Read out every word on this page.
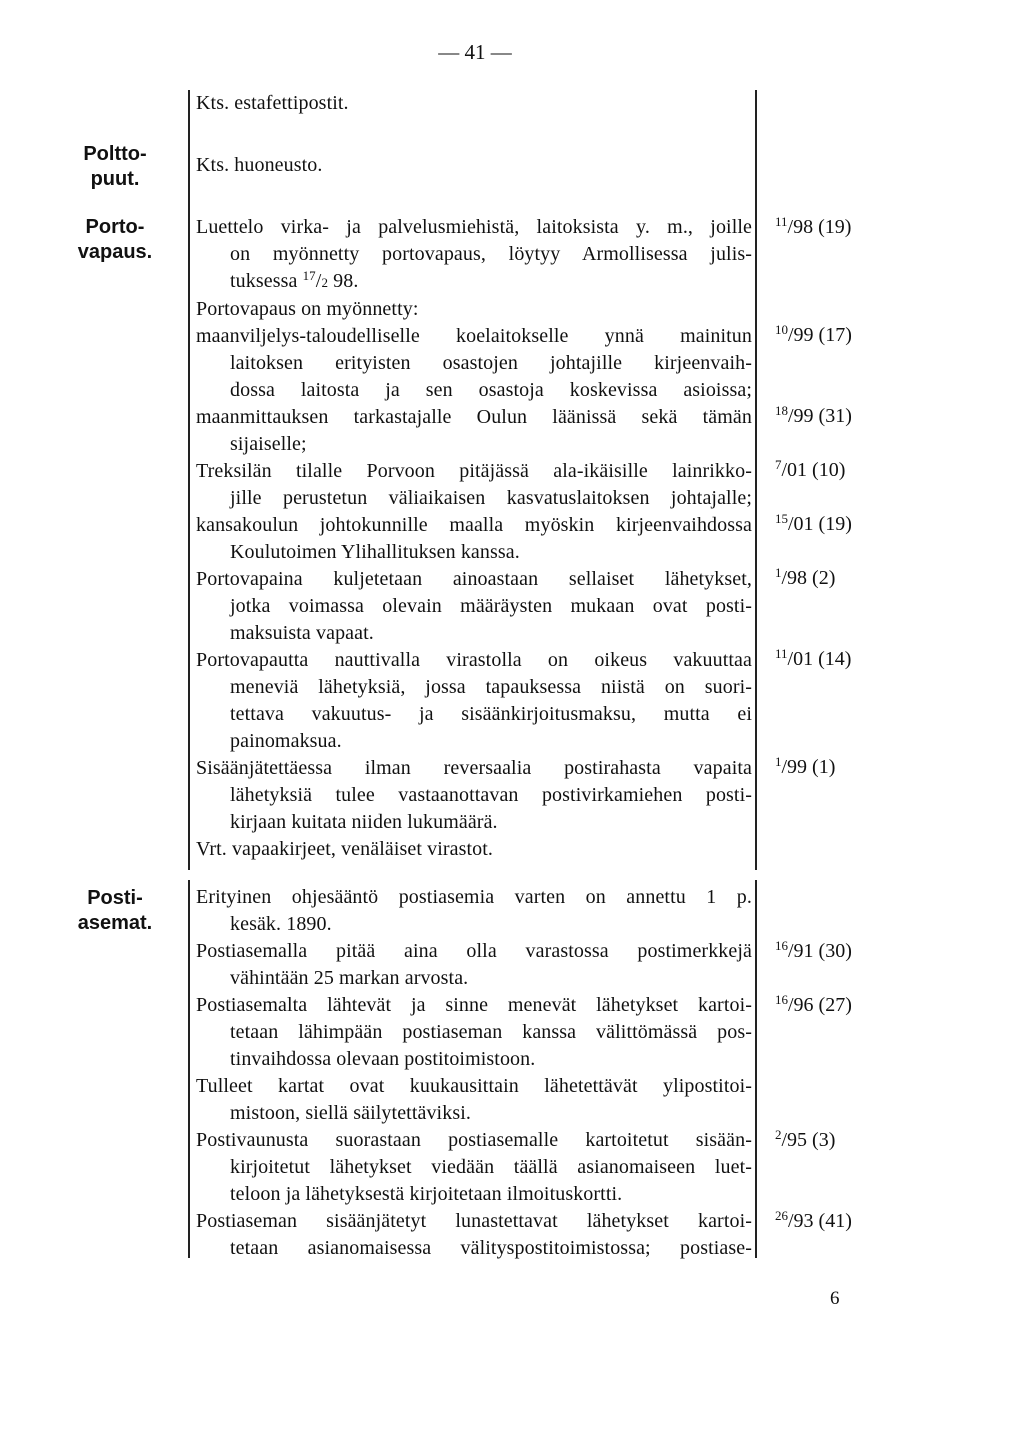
— 41 —
Poltto-
puut.
Porto-
vapaus.
Posti-
asemat.
Kts. estafettipostit.
Kts. huoneusto.
Luettelo virka- ja palvelusmiehistä, laitoksista y. m., joille
on myönnetty portovapaus, löytyy Armollisessa julis-
tuksessa $^{17}$/2 98.
Portovapaus on myönnetty:
maanviljelys-taloudelliselle koelaitokselle ynnä mainitun
laitoksen erityisten osastojen johtajille kirjeenvaih-
dossa laitosta ja sen osastoja koskevissa asioissa;
maanmittauksen tarkastajalle Oulun läänissä sekä tämän
sijaiselle;
Treksilän tilalle Porvoon pitäjässä ala-ikäisille lainrikko-
jille perustetun väliaikaisen kasvatuslaitoksen johtajalle;
kansakoulun johtokunnille maalla myöskin kirjeenvaihdossa
Koulutoimen Ylihallituksen kanssa.
Portovapaina kuljetetaan ainoastaan sellaiset lähetykset,
jotka voimassa olevain määräysten mukaan ovat posti-
maksuista vapaat.
Portovapautta nauttivalla virastolla on oikeus vakuuttaa
meneviä lähetyksiä, jossa tapauksessa niistä on suori-
tettava vakuutus- ja sisäänkirjoitusmaksu, mutta ei
painomaksua.
Sisäänjätettäessa ilman reversaalia postirahasta vapaita
lähetyksiä tulee vastaanottavan postivirkamiehen posti-
kirjaan kuitata niiden lukumäärä.
Vrt. vapaakirjeet, venäläiset virastot.
Erityinen ohjesääntö postiasemia varten on annettu 1 p.
kesäk. 1890.
Postiasemalla pitää aina olla varastossa postimerkkejä
vähintään 25 markan arvosta.
Postiasemalta lähtevät ja sinne menevät lähetykset kartoi-
tetaan lähimpään postiaseman kanssa välittömässä pos-
tinvaihdossa olevaan postitoimistoon.
Tulleet kartat ovat kuukausittain lähetettävät ylipostitoi-
mistoon, siellä säilytettäviksi.
Postivaunusta suorastaan postiasemalle kartoitetut sisään-
kirjoitetut lähetykset viedään täällä asianomaiseen luet-
teloon ja lähetyksestä kirjoitetaan ilmoituskortti.
Postiaseman sisäänjätetyt lunastettavat lähetykset kartoi-
tetaan asianomaisessa välityspostitoimistossa; postiase-
$^{11}$/98 (19)
$^{10}$/99 (17)
$^{18}$/99 (31)
$^7$/01 (10)
$^{15}$/01 (19)
$^1$/98 (2)
$^{11}$/01 (14)
$^1$/99 (1)
$^{16}$/91 (30)
$^{16}$/96 (27)
$^2$/95 (3)
$^{26}$/93 (41)
6
